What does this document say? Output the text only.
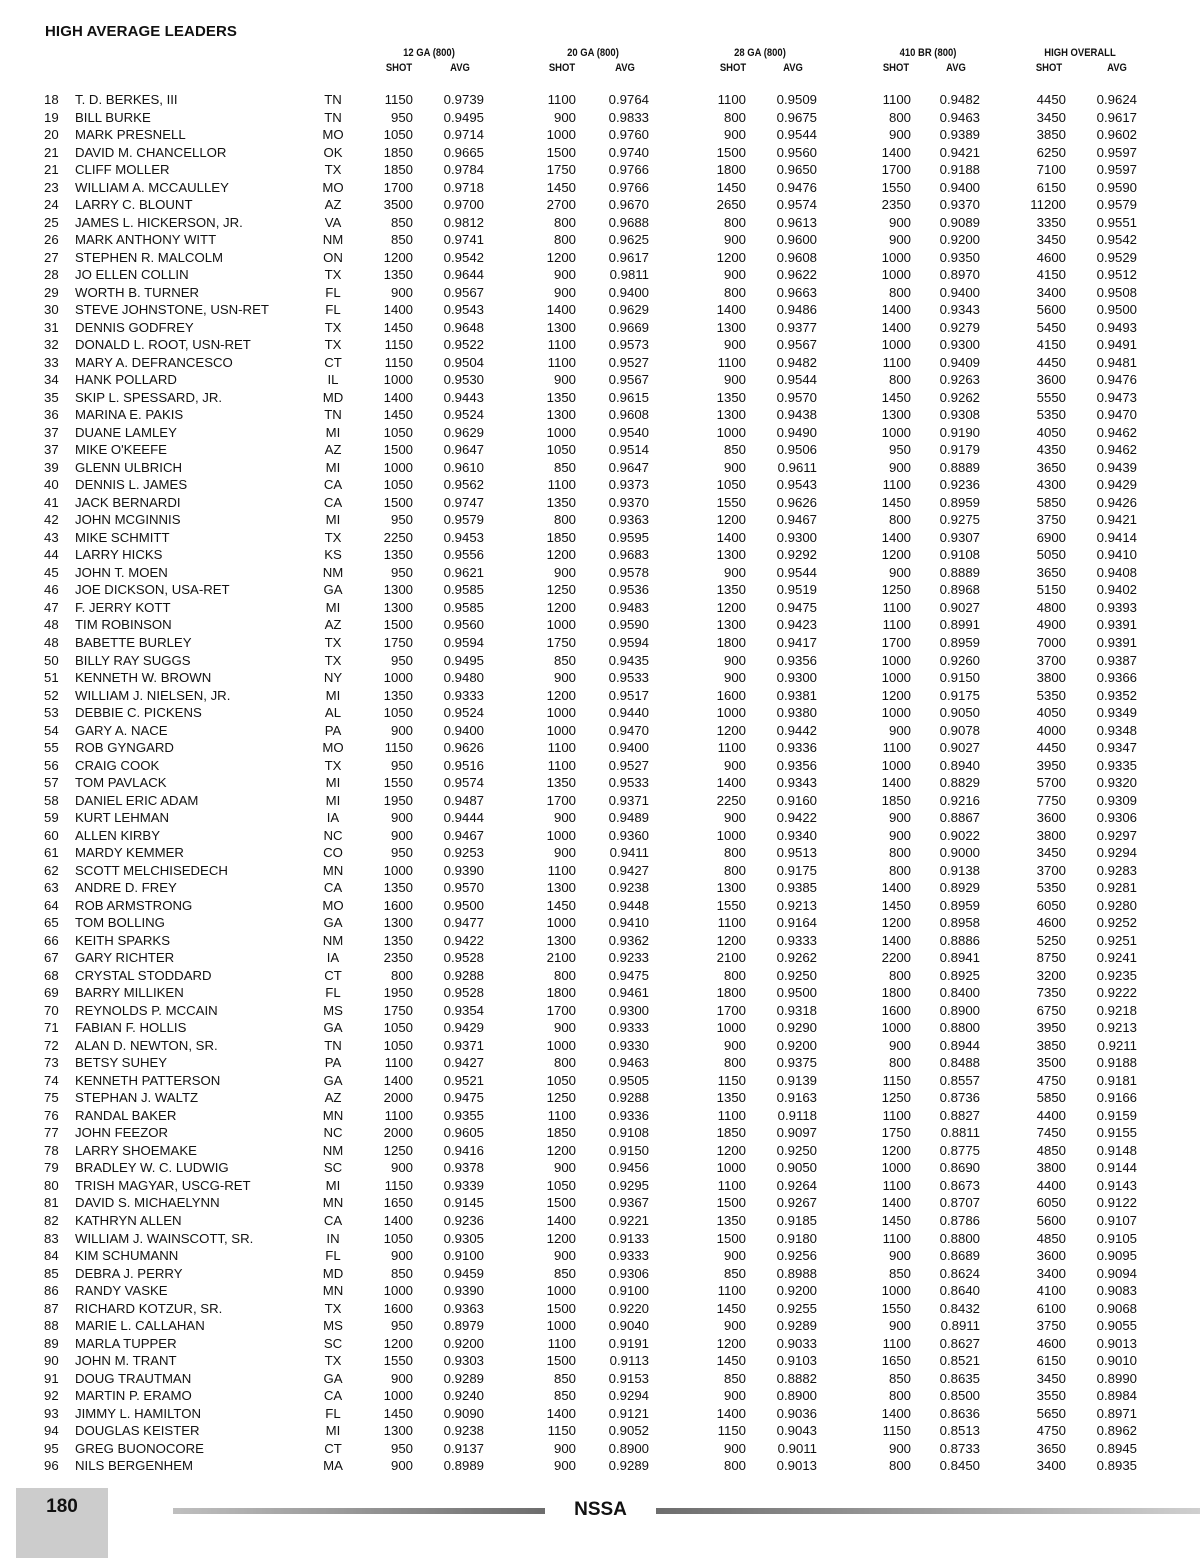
HIGH AVERAGE LEADERS
12 GA (800)	20 GA (800)	28 GA (800)	410 BR (800)	HIGH OVERALL
SHOT	AVG	SHOT	AVG	SHOT	AVG	SHOT	AVG	SHOT	AVG
18 T. D. BERKES, III	TN	1150 0.9739	1100 0.9764	1100 0.9509	1100 0.9482	4450 0.9624
19 BILL BURKE	TN	950 0.9495	900 0.9833	800 0.9675	800 0.9463	3450 0.9617
20 MARK PRESNELL	MO	1050 0.9714	1000 0.9760	900 0.9544	900 0.9389	3850 0.9602
21 DAVID M. CHANCELLOR	OK	1850 0.9665	1500 0.9740	1500 0.9560	1400 0.9421	6250 0.9597
21 CLIFF MOLLER	TX	1850 0.9784	1750 0.9766	1800 0.9650	1700 0.9188	7100 0.9597
23 WILLIAM A. MCCAULLEY	MO	1700 0.9718	1450 0.9766	1450 0.9476	1550 0.9400	6150 0.9590
24 LARRY C. BLOUNT	AZ	3500 0.9700	2700 0.9670	2650 0.9574	2350 0.9370	11200 0.9579
25 JAMES L. HICKERSON, JR.	VA	850 0.9812	800 0.9688	800 0.9613	900 0.9089	3350 0.9551
26 MARK ANTHONY WITT	NM	850 0.9741	800 0.9625	900 0.9600	900 0.9200	3450 0.9542
27 STEPHEN R. MALCOLM	ON	1200 0.9542	1200 0.9617	1200 0.9608	1000 0.9350	4600 0.9529
28 JO ELLEN COLLIN	TX	1350 0.9644	900	0.9811	900 0.9622	1000 0.8970	4150 0.9512
29 WORTH B. TURNER	FL	900 0.9567	900 0.9400	800 0.9663	800 0.9400	3400 0.9508
30 STEVE JOHNSTONE, USN-RET	FL	1400 0.9543	1400 0.9629	1400 0.9486	1400 0.9343	5600 0.9500
31 DENNIS GODFREY	TX	1450 0.9648	1300 0.9669	1300 0.9377	1400 0.9279	5450 0.9493
32 DONALD L. ROOT, USN-RET	TX	1150 0.9522	1100 0.9573	900 0.9567	1000 0.9300	4150 0.9491
33 MARY A. DEFRANCESCO	CT	1150 0.9504	1100 0.9527	1100 0.9482	1100 0.9409	4450 0.9481
34 HANK POLLARD	IL	1000 0.9530	900 0.9567	900 0.9544	800 0.9263	3600 0.9476
35 SKIP L. SPESSARD, JR.	MD	1400 0.9443	1350 0.9615	1350 0.9570	1450 0.9262	5550 0.9473
36 MARINA E. PAKIS	TN	1450 0.9524	1300 0.9608	1300 0.9438	1300 0.9308	5350 0.9470
37 DUANE LAMLEY	MI	1050 0.9629	1000 0.9540	1000 0.9490	1000 0.9190	4050 0.9462
37 MIKE O'KEEFE	AZ	1500 0.9647	1050 0.9514	850 0.9506	950 0.9179	4350 0.9462
39 GLENN ULBRICH	MI	1000 0.9610	850 0.9647	900 0.9611	900 0.8889	3650 0.9439
40 DENNIS L. JAMES	CA	1050 0.9562	1100 0.9373	1050 0.9543	1100 0.9236	4300 0.9429
41 JACK BERNARDI	CA	1500 0.9747	1350 0.9370	1550 0.9626	1450 0.8959	5850 0.9426
42 JOHN MCGINNIS	MI	950 0.9579	800 0.9363	1200 0.9467	800 0.9275	3750 0.9421
43 MIKE SCHMITT	TX	2250 0.9453	1850 0.9595	1400 0.9300	1400 0.9307	6900 0.9414
44 LARRY HICKS	KS	1350 0.9556	1200 0.9683	1300 0.9292	1200 0.9108	5050 0.9410
45 JOHN T. MOEN	NM	950 0.9621	900 0.9578	900 0.9544	900 0.8889	3650 0.9408
46 JOE DICKSON, USA-RET	GA	1300 0.9585	1250 0.9536	1350 0.9519	1250 0.8968	5150 0.9402
47 F. JERRY KOTT	MI	1300 0.9585	1200 0.9483	1200 0.9475	1100 0.9027	4800 0.9393
48 TIM ROBINSON	AZ	1500 0.9560	1000 0.9590	1300 0.9423	1100 0.8991	4900 0.9391
48 BABETTE BURLEY	TX	1750 0.9594	1750 0.9594	1800 0.9417	1700 0.8959	7000 0.9391
50 BILLY RAY SUGGS	TX	950 0.9495	850 0.9435	900 0.9356	1000 0.9260	3700 0.9387
51 KENNETH W. BROWN	NY	1000 0.9480	900 0.9533	900 0.9300	1000 0.9150	3800 0.9366
52 WILLIAM J. NIELSEN, JR.	MI	1350 0.9333	1200 0.9517	1600 0.9381	1200 0.9175	5350 0.9352
53 DEBBIE C. PICKENS	AL	1050 0.9524	1000 0.9440	1000 0.9380	1000 0.9050	4050 0.9349
54 GARY A. NACE	PA	900 0.9400	1000 0.9470	1200 0.9442	900 0.9078	4000 0.9348
55 ROB GYNGARD	MO	1150 0.9626	1100 0.9400	1100 0.9336	1100 0.9027	4450 0.9347
56 CRAIG COOK	TX	950 0.9516	1100 0.9527	900 0.9356	1000 0.8940	3950 0.9335
57 TOM PAVLACK	MI	1550 0.9574	1350 0.9533	1400 0.9343	1400 0.8829	5700 0.9320
58 DANIEL ERIC ADAM	MI	1950 0.9487	1700 0.9371	2250 0.9160	1850 0.9216	7750 0.9309
59 KURT LEHMAN	IA	900 0.9444	900 0.9489	900 0.9422	900 0.8867	3600 0.9306
60 ALLEN KIRBY	NC	900 0.9467	1000 0.9360	1000 0.9340	900 0.9022	3800 0.9297
61 MARDY KEMMER	CO	950 0.9253	900	0.9411	800 0.9513	800 0.9000	3450 0.9294
62 SCOTT MELCHISEDECH	MN	1000 0.9390	1100 0.9427	800 0.9175	800 0.9138	3700 0.9283
63 ANDRE D. FREY	CA	1350 0.9570	1300 0.9238	1300 0.9385	1400 0.8929	5350 0.9281
64 ROB ARMSTRONG	MO	1600 0.9500	1450 0.9448	1550 0.9213	1450 0.8959	6050 0.9280
65 TOM BOLLING	GA	1300 0.9477	1000 0.9410	1100 0.9164	1200 0.8958	4600 0.9252
66 KEITH SPARKS	NM	1350 0.9422	1300 0.9362	1200 0.9333	1400 0.8886	5250 0.9251
67 GARY RICHTER	IA	2350 0.9528	2100 0.9233	2100 0.9262	2200 0.8941	8750 0.9241
68 CRYSTAL STODDARD	CT	800 0.9288	800 0.9475	800 0.9250	800 0.8925	3200 0.9235
69 BARRY MILLIKEN	FL	1950 0.9528	1800 0.9461	1800 0.9500	1800 0.8400	7350 0.9222
70 REYNOLDS P. MCCAIN	MS	1750 0.9354	1700 0.9300	1700 0.9318	1600 0.8900	6750 0.9218
71 FABIAN F. HOLLIS	GA	1050 0.9429	900 0.9333	1000 0.9290	1000 0.8800	3950 0.9213
72 ALAN D. NEWTON, SR.	TN	1050 0.9371	1000 0.9330	900 0.9200	900 0.8944	3850 0.9211
73 BETSY SUHEY	PA	1100 0.9427	800 0.9463	800 0.9375	800 0.8488	3500 0.9188
74 KENNETH PATTERSON	GA	1400 0.9521	1050 0.9505	1150 0.9139	1150 0.8557	4750 0.9181
75 STEPHAN J. WALTZ	AZ	2000 0.9475	1250 0.9288	1350 0.9163	1250 0.8736	5850 0.9166
76 RANDAL BAKER	MN	1100 0.9355	1100 0.9336	1100 0.9118	1100 0.8827	4400 0.9159
77 JOHN FEEZOR	NC	2000 0.9605	1850 0.9108	1850 0.9097	1750 0.8811	7450 0.9155
78 LARRY SHOEMAKE	NM	1250 0.9416	1200 0.9150	1200 0.9250	1200 0.8775	4850 0.9148
79 BRADLEY W. C. LUDWIG	SC	900 0.9378	900 0.9456	1000 0.9050	1000 0.8690	3800 0.9144
80 TRISH MAGYAR, USCG-RET	MI	1150 0.9339	1050 0.9295	1100 0.9264	1100 0.8673	4400 0.9143
81 DAVID S. MICHAELYNN	MN	1650 0.9145	1500 0.9367	1500 0.9267	1400 0.8707	6050 0.9122
82 KATHRYN ALLEN	CA	1400 0.9236	1400 0.9221	1350 0.9185	1450 0.8786	5600 0.9107
83 WILLIAM J. WAINSCOTT, SR.	IN	1050 0.9305	1200 0.9133	1500 0.9180	1100 0.8800	4850 0.9105
84 KIM SCHUMANN	FL	900 0.9100	900 0.9333	900 0.9256	900 0.8689	3600 0.9095
85 DEBRA J. PERRY	MD	850 0.9459	850 0.9306	850 0.8988	850 0.8624	3400 0.9094
86 RANDY VASKE	MN	1000 0.9390	1000 0.9100	1100 0.9200	1000 0.8640	4100 0.9083
87 RICHARD KOTZUR, SR.	TX	1600 0.9363	1500 0.9220	1450 0.9255	1550 0.8432	6100 0.9068
88 MARIE L. CALLAHAN	MS	950 0.8979	1000 0.9040	900 0.9289	900 0.8911	3750 0.9055
89 MARLA TUPPER	SC	1200 0.9200	1100 0.9191	1200 0.9033	1100 0.8627	4600 0.9013
90 JOHN M. TRANT	TX	1550 0.9303	1500	0.9113	1450 0.9103	1650 0.8521	6150 0.9010
91 DOUG TRAUTMAN	GA	900 0.9289	850 0.9153	850 0.8882	850 0.8635	3450 0.8990
92 MARTIN P. ERAMO	CA	1000 0.9240	850 0.9294	900 0.8900	800 0.8500	3550 0.8984
93 JIMMY L. HAMILTON	FL	1450 0.9090	1400 0.9121	1400 0.9036	1400 0.8636	5650 0.8971
94 DOUGLAS KEISTER	MI	1300 0.9238	1150 0.9052	1150 0.9043	1150 0.8513	4750 0.8962
95 GREG BUONOCORE	CT	950 0.9137	900 0.8900	900 0.9011	900 0.8733	3650 0.8945
96 NILS BERGENHEM	MA	900 0.8989	900 0.9289	800 0.9013	800 0.8450	3400 0.8935
180	NSSA
